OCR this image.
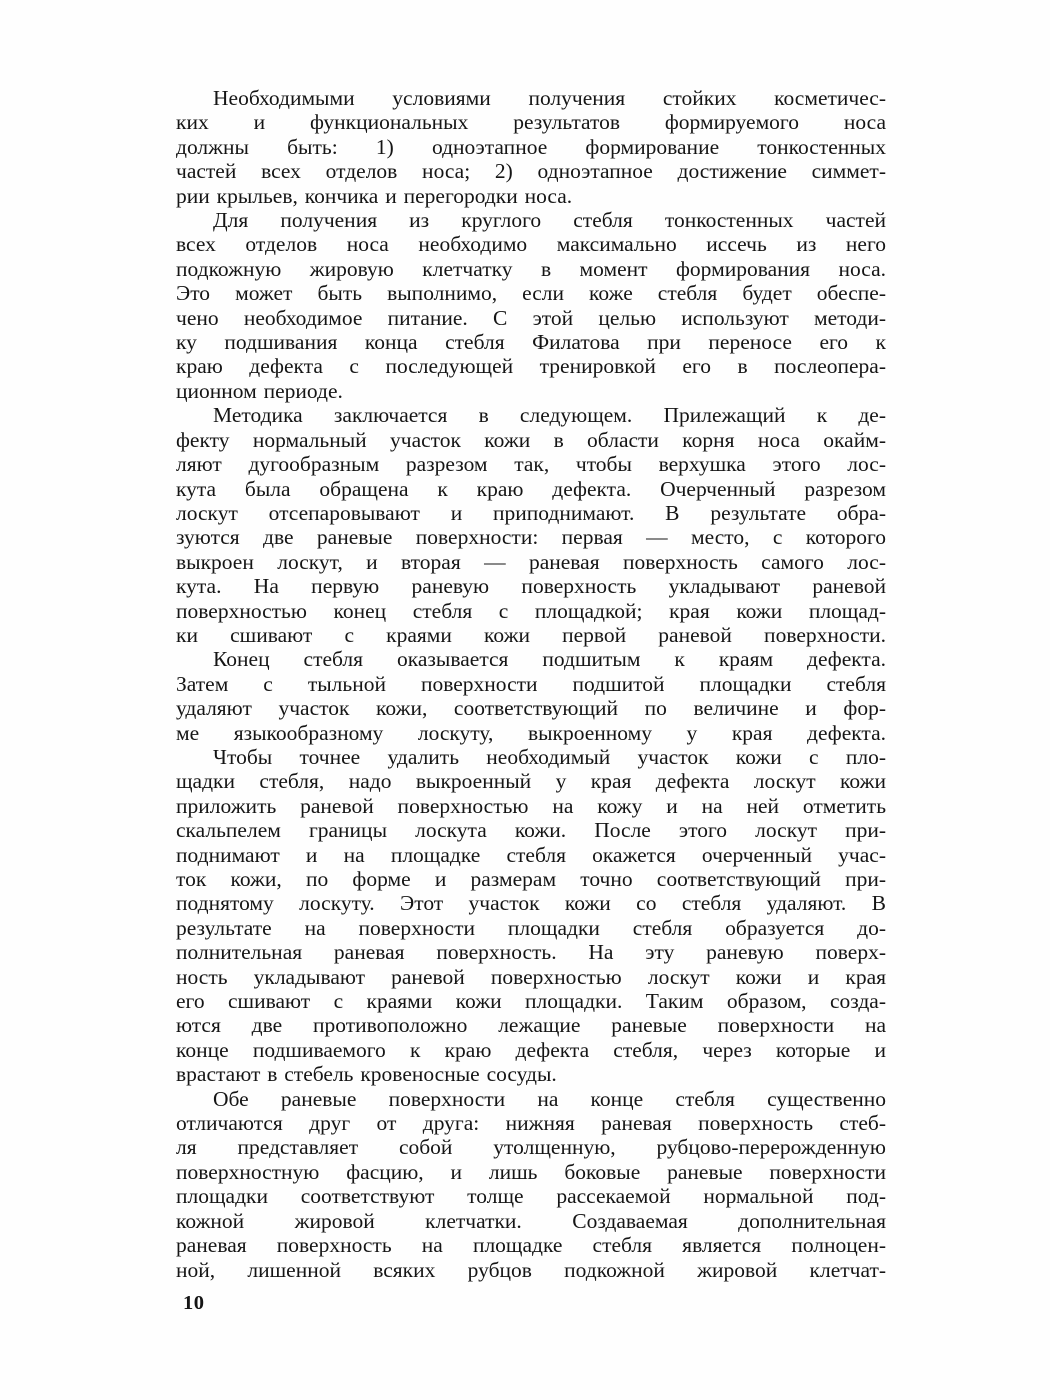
Необходимыми условиями получения стойких косметичес-
ких и функциональных результатов формируемого носа
должны быть: 1) одноэтапное формирование тонкостенных
частей всех отделов носа; 2) одноэтапное достижение симмет-
рии крыльев, кончика и перегородки носа.
Для получения из круглого стебля тонкостенных частей
всех отделов носа необходимо максимально иссечь из него
подкожную жировую клетчатку в момент формирования носа.
Это может быть выполнимо, если коже стебля будет обеспе-
чено необходимое питание. С этой целью используют методи-
ку подшивания конца стебля Филатова при переносе его к
краю дефекта с последующей тренировкой его в послеопера-
ционном периоде.
Методика заключается в следующем. Прилежащий к де-
фекту нормальный участок кожи в области корня носа окайм-
ляют дугообразным разрезом так, чтобы верхушка этого лос-
кута была обращена к краю дефекта. Очерченный разрезом
лоскут отсепаровывают и приподнимают. В результате обра-
зуются две раневые поверхности: первая — место, с которого
выкроен лоскут, и вторая — раневая поверхность самого лос-
кута. На первую раневую поверхность укладывают раневой
поверхностью конец стебля с площадкой; края кожи площад-
ки сшивают с краями кожи первой раневой поверхности.
Конец стебля оказывается подшитым к краям дефекта.
Затем с тыльной поверхности подшитой площадки стебля
удаляют участок кожи, соответствующий по величине и фор-
ме языкообразному лоскуту, выкроенному у края дефекта.
Чтобы точнее удалить необходимый участок кожи с пло-
щадки стебля, надо выкроенный у края дефекта лоскут кожи
приложить раневой поверхностью на кожу и на ней отметить
скальпелем границы лоскута кожи. После этого лоскут при-
поднимают и на площадке стебля окажется очерченный учас-
ток кожи, по форме и размерам точно соответствующий при-
поднятому лоскуту. Этот участок кожи со стебля удаляют. В
результате на поверхности площадки стебля образуется до-
полнительная раневая поверхность. На эту раневую поверх-
ность укладывают раневой поверхностью лоскут кожи и края
его сшивают с краями кожи площадки. Таким образом, созда-
ются две противоположно лежащие раневые поверхности на
конце подшиваемого к краю дефекта стебля, через которые и
врастают в стебель кровеносные сосуды.
Обе раневые поверхности на конце стебля существенно
отличаются друг от друга: нижняя раневая поверхность стеб-
ля представляет собой утолщенную, рубцово-перерожденную
поверхностную фасцию, и лишь боковые раневые поверхности
площадки соответствуют толще рассекаемой нормальной под-
кожной жировой клетчатки. Создаваемая дополнительная
раневая поверхность на площадке стебля является полноцен-
ной, лишенной всяких рубцов подкожной жировой клетчат-
10
